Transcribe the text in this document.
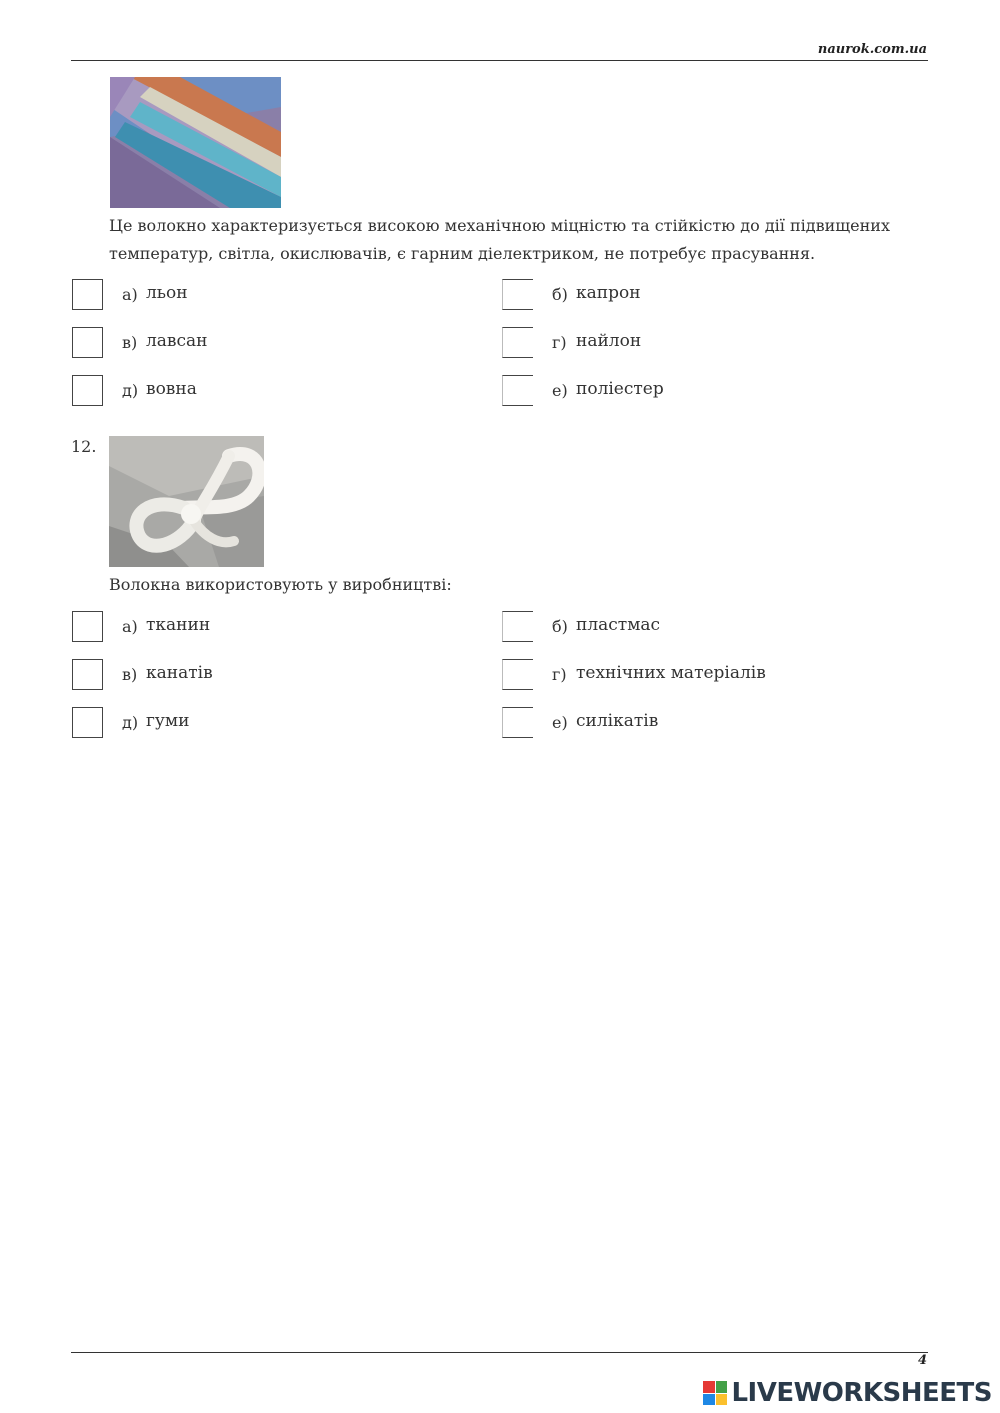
naurok.com.ua
Це волокно характеризується високою механічною міцністю та стійкістю до дії підвищених температур, світла, окислювачів, є гарним діелектриком, не потребує прасування.
а) льон	б) капрон
в) лавсан	г) найлон
д) вовна	е) поліестер
12.
Волокна використовують у виробництві:
а) тканин	б) пластмас
в) канатів	г) технічних матеріалів
д) гуми	е) силікатів
4
LIVEWORKSHEETS
